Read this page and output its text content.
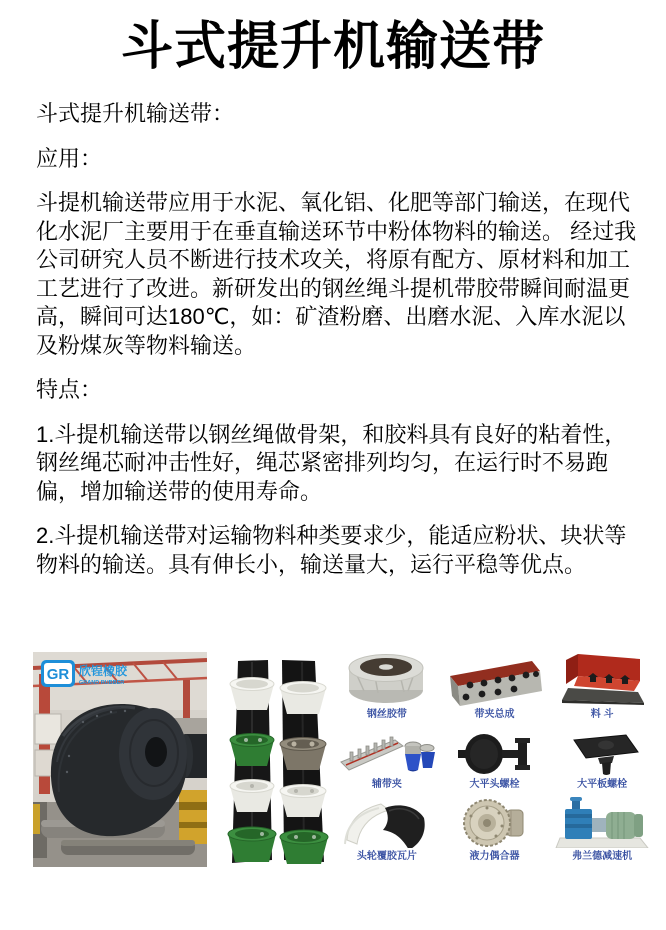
斗式提升机输送带

斗式提升机输送带：

应用：

斗提机输送带应用于水泥、氧化铝、化肥等部门输送，在现代化水泥厂主要用于在垂直输送环节中粉体物料的输送。 经过我公司研究人员不断进行技术攻关，将原有配方、原材料和加工工艺进行了改进。新研发出的钢丝绳斗提机带胶带瞬间耐温更高，瞬间可达180℃，如：矿渣粉磨、出磨水泥、入库水泥以及粉煤灰等物料输送。

特点：

1.斗提机输送带以钢丝绳做骨架，和胶料具有良好的粘着性，钢丝绳芯耐冲击性好，绳芯紧密排列均匀，在运行时不易跑偏，增加输送带的使用寿命。

2.斗提机输送带对运输物料种类要求少，能适应粉状、块状等物料的输送。具有伸长小，输送量大，运行平稳等优点。

GR 欣锃橡胶
GRAND RUBBER
钢丝胶带	带夹总成	料 斗
辅带夹	大平头螺栓	大平板螺栓
头轮覆胶瓦片	液力偶合器	弗兰德减速机
